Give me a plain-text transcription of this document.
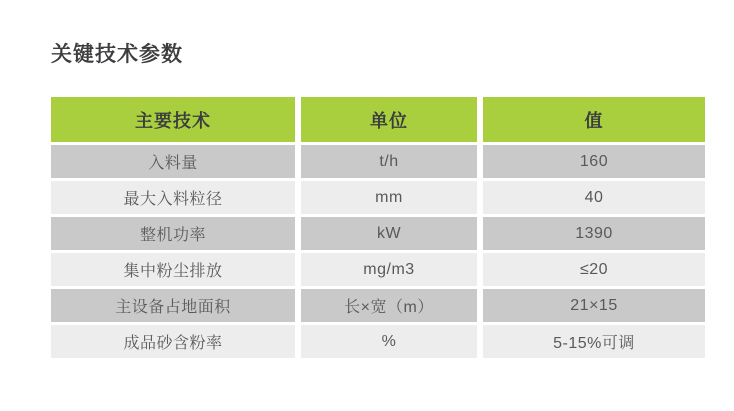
关键技术参数
主要技术	单位	值
入料量	t/h	160
最大入料粒径	mm	40
整机功率	kW	1390
集中粉尘排放	mg/m3	≤20
主设备占地面积	长×宽（m）	21×15
成品砂含粉率	%	5-15%可调
